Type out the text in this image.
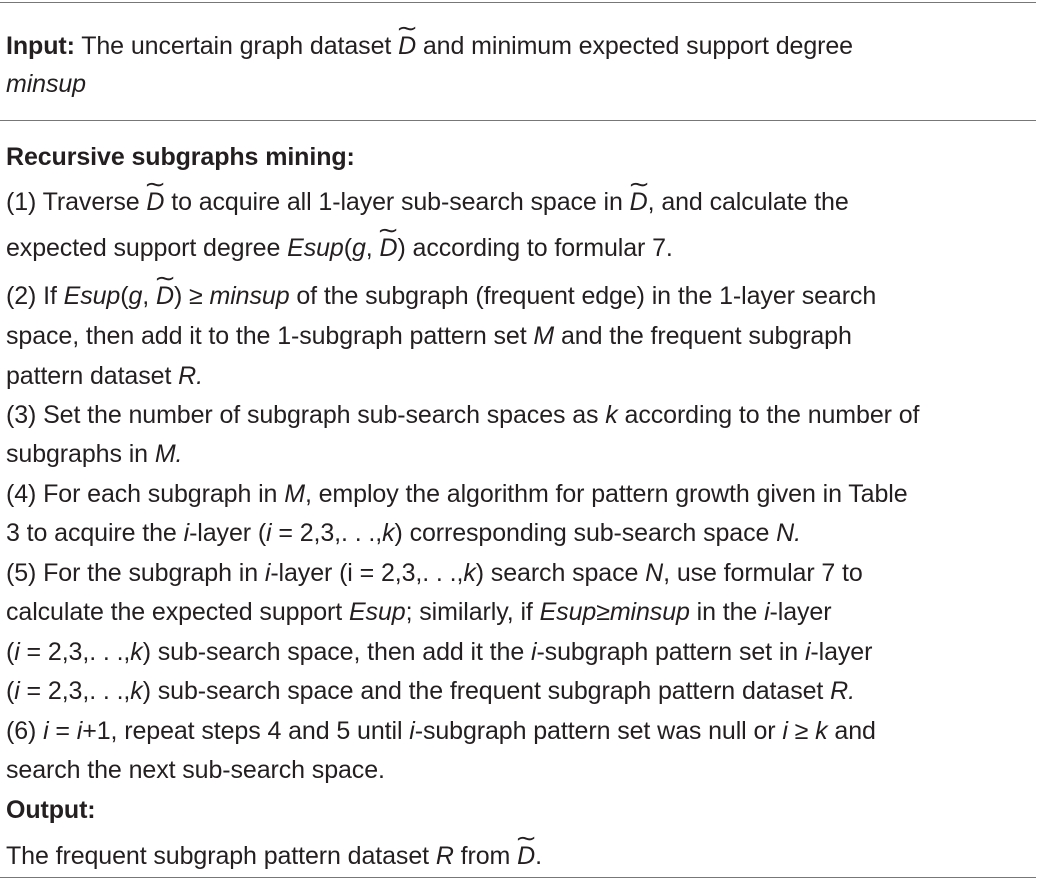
Input: The uncertain graph dataset ∼ D and minimum expected support degree
minsup
Recursive subgraphs mining:
(1) Traverse ∼ D to acquire all 1-layer sub-search space in ∼ D, and calculate the
expected support degree Esup(g, ∼ D) according to formular 7.
(2) If Esup(g, ∼ D) ≥ minsup of the subgraph (frequent edge) in the 1-layer search
space, then add it to the 1-subgraph pattern set M and the frequent subgraph
pattern dataset R.
(3) Set the number of subgraph sub-search spaces as k according to the number of
subgraphs in M.
(4) For each subgraph in M, employ the algorithm for pattern growth given in Table
3 to acquire the i-layer (i = 2,3,. . .,k) corresponding sub-search space N.
(5) For the subgraph in i-layer (i = 2,3,. . .,k) search space N, use formular 7 to
calculate the expected support Esup; similarly, if Esup≥minsup in the i-layer
(i = 2,3,. . .,k) sub-search space, then add it the i-subgraph pattern set in i-layer
(i = 2,3,. . .,k) sub-search space and the frequent subgraph pattern dataset R.
(6) i = i+1, repeat steps 4 and 5 until i-subgraph pattern set was null or i ≥ k and
search the next sub-search space.
Output:
The frequent subgraph pattern dataset R from ∼ D.
